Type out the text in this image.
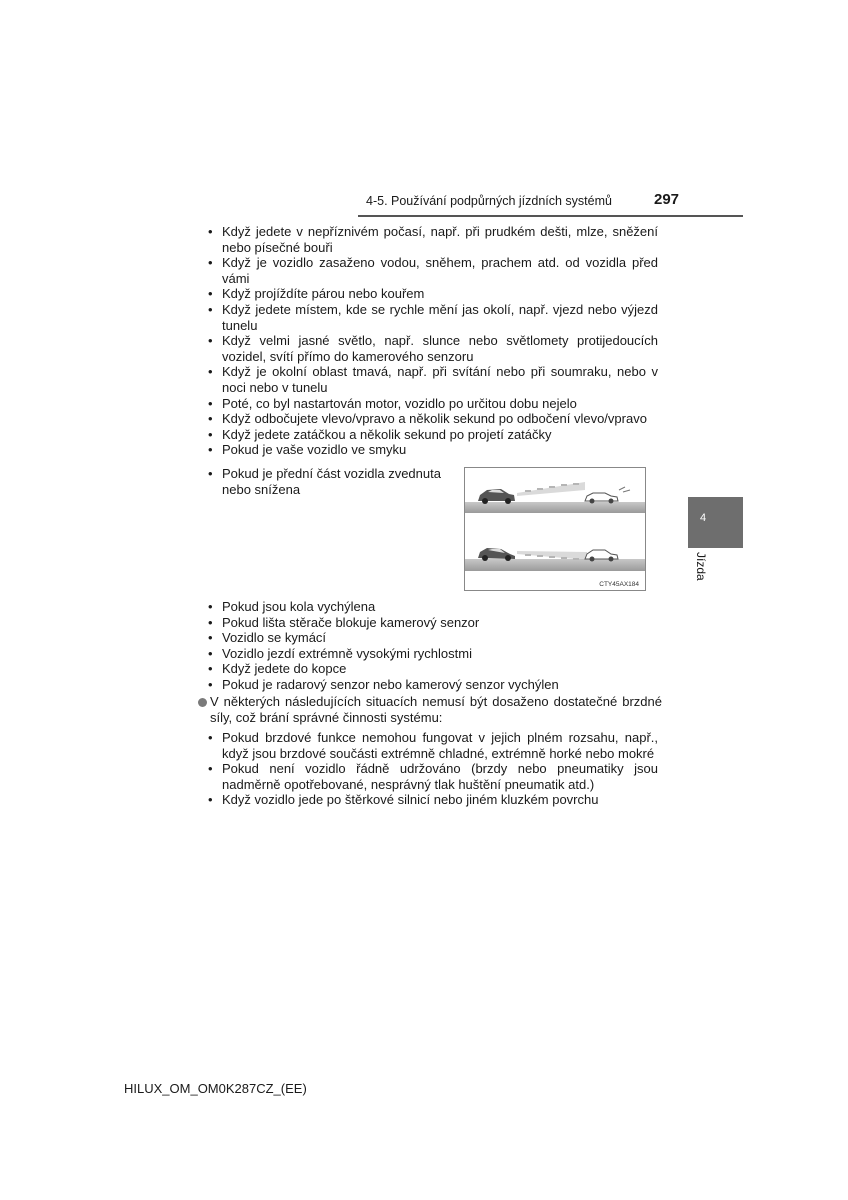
4-5. Používání podpůrných jízdních systémů	297
4
Jízda
• Když jedete v nepříznivém počasí, např. při prudkém dešti, mlze, sněžení nebo písečné bouři
• Když je vozidlo zasaženo vodou, sněhem, prachem atd. od vozidla před vámi
• Když projíždíte párou nebo kouřem
• Když jedete místem, kde se rychle mění jas okolí, např. vjezd nebo výjezd tunelu
• Když velmi jasné světlo, např. slunce nebo světlomety protijedoucích vozidel, svítí přímo do kamerového senzoru
• Když je okolní oblast tmavá, např. při svítání nebo při soumraku, nebo v noci nebo v tunelu
• Poté, co byl nastartován motor, vozidlo po určitou dobu nejelo
• Když odbočujete vlevo/vpravo a několik sekund po odbočení vlevo/vpravo
• Když jedete zatáčkou a několik sekund po projetí zatáčky
• Pokud je vaše vozidlo ve smyku
• Pokud je přední část vozidla zvednuta nebo snížena
CTY45AX184
• Pokud jsou kola vychýlena
• Pokud lišta stěrače blokuje kamerový senzor
• Vozidlo se kymácí
• Vozidlo jezdí extrémně vysokými rychlostmi
• Když jedete do kopce
• Pokud je radarový senzor nebo kamerový senzor vychýlen
V některých následujících situacích nemusí být dosaženo dostatečné brzdné síly, což brání správné činnosti systému:
• Pokud brzdové funkce nemohou fungovat v jejich plném rozsahu, např., když jsou brzdové součásti extrémně chladné, extrémně horké nebo mokré
• Pokud není vozidlo řádně udržováno (brzdy nebo pneumatiky jsou nadměrně opotřebované, nesprávný tlak huštění pneumatik atd.)
• Když vozidlo jede po štěrkové silnicí nebo jiném kluzkém povrchu
HILUX_OM_OM0K287CZ_(EE)
